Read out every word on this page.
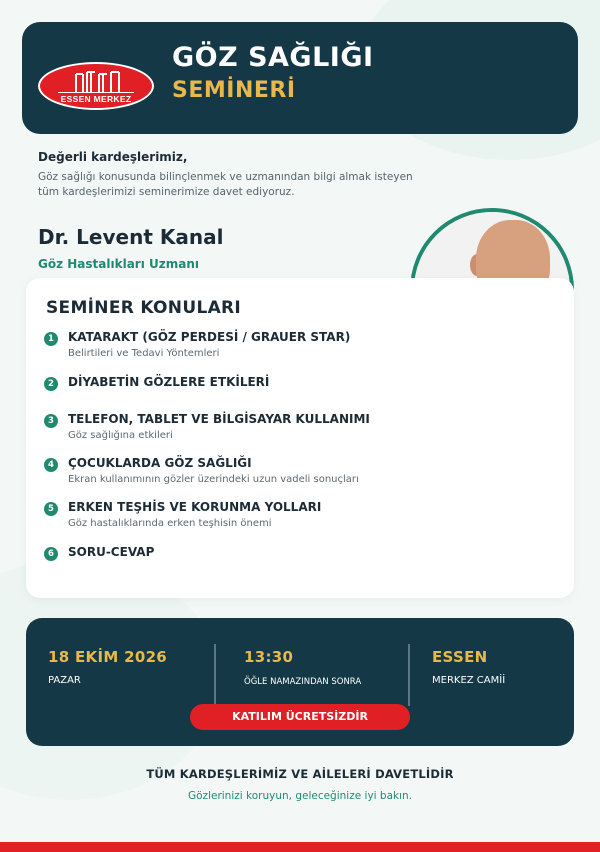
ESSEN MERKEZ
GÖZ SAĞLIĞI
SEMİNERİ
Değerli kardeşlerimiz,
Göz sağlığı konusunda bilinçlenmek ve uzmanından bilgi almak isteyen tüm kardeşlerimizi seminerimize davet ediyoruz.
Dr. Levent Kanal
Göz Hastalıkları Uzmanı
SEMİNER KONULARI
1	KATARAKT (GÖZ PERDESİ / GRAUER STAR)
Belirtileri ve Tedavi Yöntemleri
2	DİYABETİN GÖZLERE ETKİLERİ
3	TELEFON, TABLET VE BİLGİSAYAR KULLANIMI
Göz sağlığına etkileri
4	ÇOCUKLARDA GÖZ SAĞLIĞI
Ekran kullanımının gözler üzerindeki uzun vadeli sonuçları
5	ERKEN TEŞHİS VE KORUNMA YOLLARI
Göz hastalıklarında erken teşhisin önemi
6	SORU-CEVAP
18 EKİM 2026
PAZAR
13:30
ÖĞLE NAMAZINDAN SONRA
ESSEN
MERKEZ CAMİİ
KATILIM ÜCRETSİZDİR
TÜM KARDEŞLERİMİZ VE AİLELERİ DAVETLİDİR
Gözlerinizi koruyun, geleceğinize iyi bakın.
